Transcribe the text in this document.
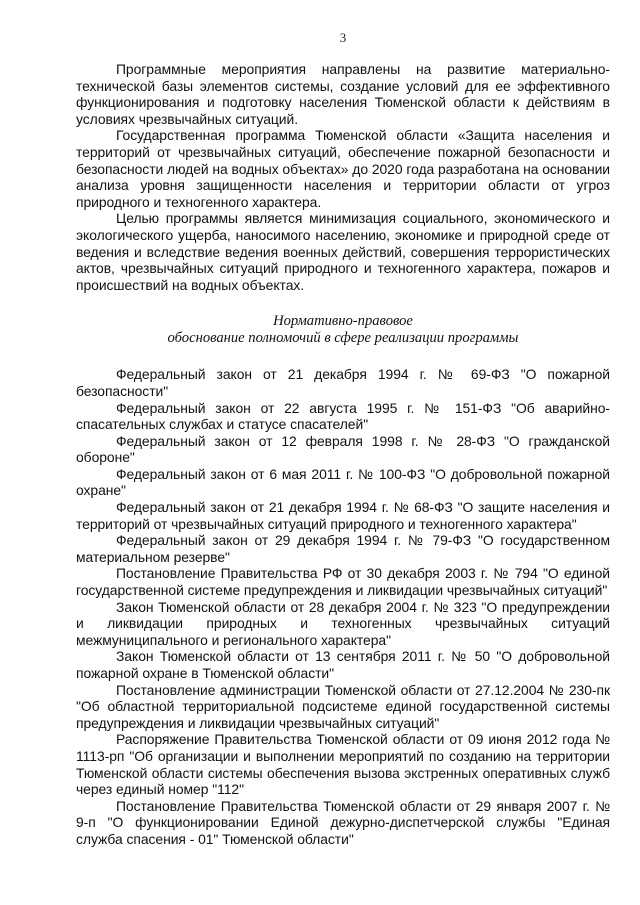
3

Программные мероприятия направлены на развитие материально-технической базы элементов системы, создание условий для ее эффективного функционирования и подготовку населения Тюменской области к действиям в условиях чрезвычайных ситуаций.

Государственная программа Тюменской области «Защита населения и территорий от чрезвычайных ситуаций, обеспечение пожарной безопасности и безопасности людей на водных объектах» до 2020 года разработана на основании анализа уровня защищенности населения и территории области от угроз природного и техногенного характера.

Целью программы является минимизация социального, экономического и экологического ущерба, наносимого населению, экономике и природной среде от ведения и вследствие ведения военных действий, совершения террористических актов, чрезвычайных ситуаций природного и техногенного характера, пожаров и происшествий на водных объектах.

Нормативно-правовое
обоснование полномочий в сфере реализации программы

Федеральный закон от 21 декабря 1994 г. № 69-ФЗ "О пожарной безопасности"

Федеральный закон от 22 августа 1995 г. № 151-ФЗ "Об аварийно-спасательных службах и статусе спасателей"

Федеральный закон от 12 февраля 1998 г. № 28-ФЗ "О гражданской обороне"

Федеральный закон от 6 мая 2011 г. № 100-ФЗ "О добровольной пожарной охране"

Федеральный закон от 21 декабря 1994 г. № 68-ФЗ "О защите населения и территорий от чрезвычайных ситуаций природного и техногенного характера"

Федеральный закон от 29 декабря 1994 г. № 79-ФЗ "О государственном материальном резерве"

Постановление Правительства РФ от 30 декабря 2003 г. № 794 "О единой государственной системе предупреждения и ликвидации чрезвычайных ситуаций"

Закон Тюменской области от 28 декабря 2004 г. № 323 "О предупреждении и ликвидации природных и техногенных чрезвычайных ситуаций межмуниципального и регионального характера"

Закон Тюменской области от 13 сентября 2011 г. № 50 "О добровольной пожарной охране в Тюменской области"

Постановление администрации Тюменской области от 27.12.2004 № 230-пк "Об областной территориальной подсистеме единой государственной системы предупреждения и ликвидации чрезвычайных ситуаций"

Распоряжение Правительства Тюменской области от 09 июня 2012 года № 1113-рп "Об организации и выполнении мероприятий по созданию на территории Тюменской области системы обеспечения вызова экстренных оперативных служб через единый номер "112"

Постановление Правительства Тюменской области от 29 января 2007 г. № 9-п "О функционировании Единой дежурно-диспетчерской службы "Единая служба спасения - 01" Тюменской области"
